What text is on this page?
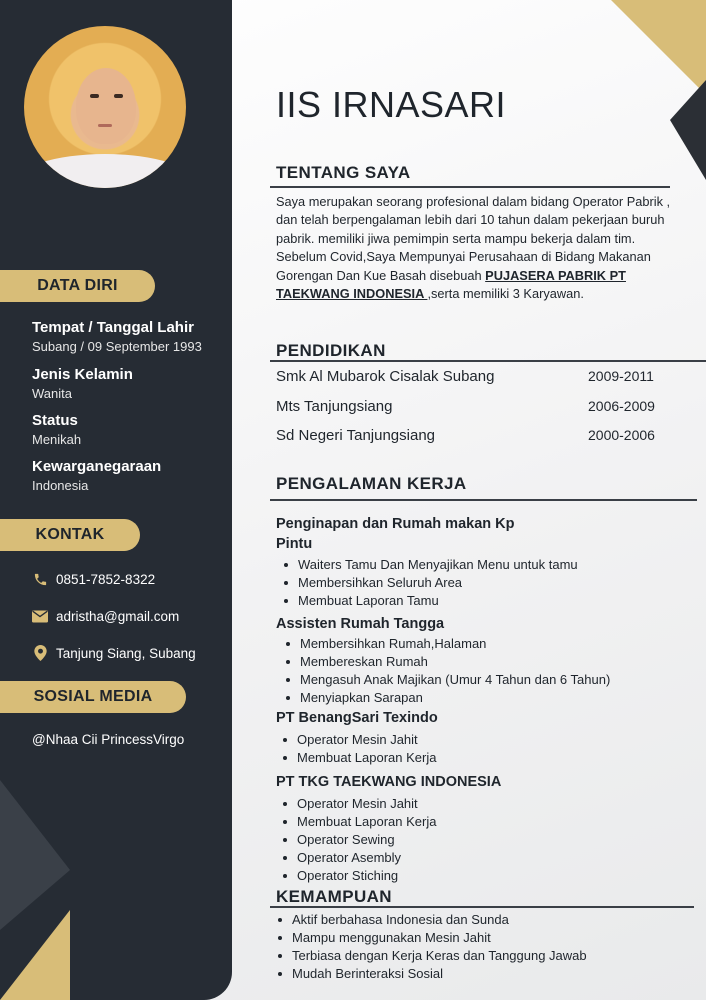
DATA DIRI
Tempat / Tanggal Lahir
Subang / 09 September 1993
Jenis Kelamin
Wanita
Status
Menikah
Kewarganegaraan
Indonesia
KONTAK
0851-7852-8322
adristha@gmail.com
Tanjung Siang, Subang
SOSIAL MEDIA
@Nhaa Cii PrincessVirgo
IIS IRNASARI
TENTANG SAYA
Saya merupakan seorang profesional dalam bidang Operator Pabrik , dan telah berpengalaman lebih dari 10 tahun dalam pekerjaan buruh pabrik. memiliki jiwa pemimpin serta mampu bekerja dalam tim. Sebelum Covid,Saya Mempunyai Perusahaan di Bidang Makanan Gorengan Dan Kue Basah disebuah PUJASERA PABRIK PT TAEKWANG INDONESIA ,serta memiliki 3 Karyawan.
PENDIDIKAN
Smk Al Mubarok Cisalak Subang	2009-2011
Mts Tanjungsiang	2006-2009
Sd Negeri Tanjungsiang	2000-2006
PENGALAMAN KERJA
Penginapan dan Rumah makan Kp
Pintu
Waiters Tamu Dan Menyajikan Menu untuk tamu
Membersihkan Seluruh Area
Membuat Laporan Tamu
Assisten Rumah Tangga
Membersihkan Rumah,Halaman
Membereskan Rumah
Mengasuh Anak Majikan (Umur 4 Tahun dan 6 Tahun)
Menyiapkan Sarapan
PT BenangSari Texindo
Operator Mesin Jahit
Membuat Laporan Kerja
PT TKG TAEKWANG INDONESIA
Operator Mesin Jahit
Membuat Laporan Kerja
Operator Sewing
Operator Asembly
Operator Stiching
KEMAMPUAN
Aktif berbahasa Indonesia dan Sunda
Mampu menggunakan Mesin Jahit
Terbiasa dengan Kerja Keras dan Tanggung Jawab
Mudah Berinteraksi Sosial
